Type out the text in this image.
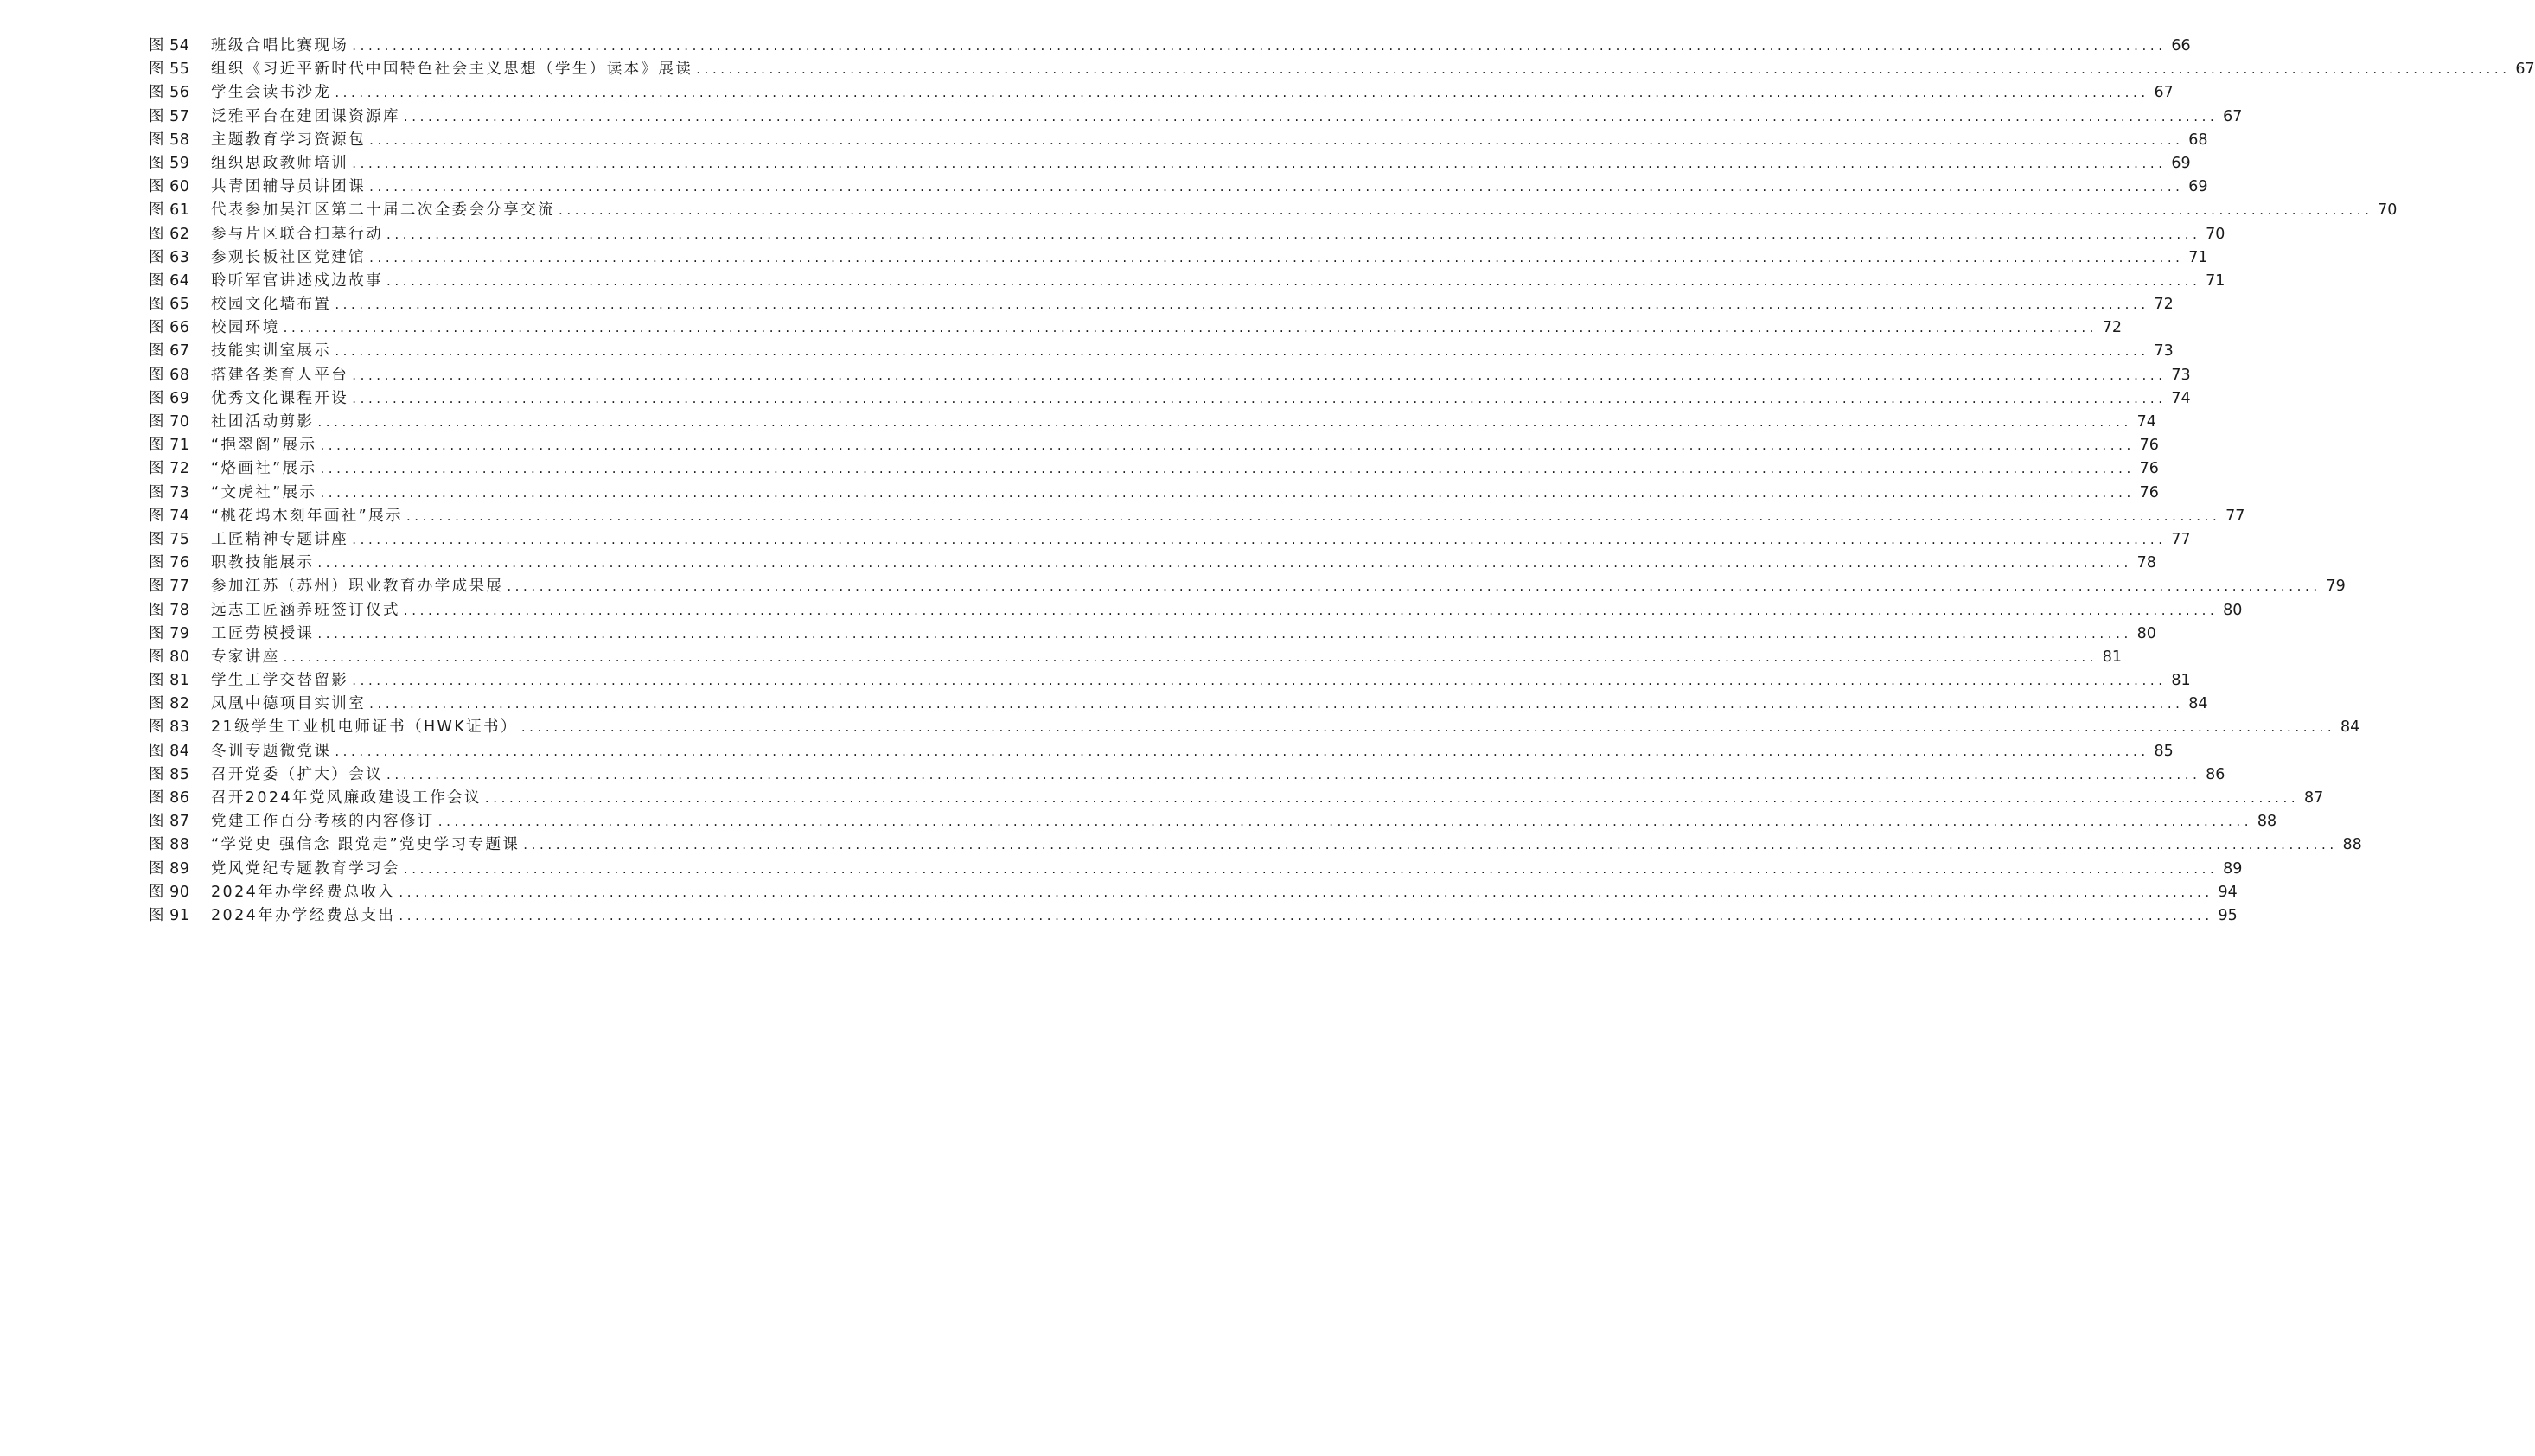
图 54	班级合唱比赛现场 .....	66
图 55	组织《习近平新时代中国特色社会主义思想（学生）读本》展读 .....	67
图 56	学生会读书沙龙 .....	67
图 57	泛雅平台在建团课资源库 .....	67
图 58	主题教育学习资源包 .....	68
图 59	组织思政教师培训 .....	69
图 60	共青团辅导员讲团课 .....	69
图 61	代表参加吴江区第二十届二次全委会分享交流 .....	70
图 62	参与片区联合扫墓行动 .....	70
图 63	参观长板社区党建馆 .....	71
图 64	聆听军官讲述戍边故事 .....	71
图 65	校园文化墙布置 .....	72
图 66	校园环境 .....	72
图 67	技能实训室展示 .....	73
图 68	搭建各类育人平台 .....	73
图 69	优秀文化课程开设 .....	74
图 70	社团活动剪影 .....	74
图 71	“挹翠阁”展示 .....	76
图 72	“烙画社”展示 .....	76
图 73	“文虎社”展示 .....	76
图 74	“桃花坞木刻年画社”展示 .....	77
图 75	工匠精神专题讲座 .....	77
图 76	职教技能展示 .....	78
图 77	参加江苏（苏州）职业教育办学成果展 .....	79
图 78	远志工匠涵养班签订仪式 .....	80
图 79	工匠劳模授课 .....	80
图 80	专家讲座 .....	81
图 81	学生工学交替留影 .....	81
图 82	凤凰中德项目实训室 .....	84
图 83	21级学生工业机电师证书（HWK证书） .....	84
图 84	冬训专题微党课 .....	85
图 85	召开党委（扩大）会议 .....	86
图 86	召开2024年党风廉政建设工作会议 .....	87
图 87	党建工作百分考核的内容修订 .....	88
图 88	“学党史 强信念 跟党走”党史学习专题课 .....	88
图 89	党风党纪专题教育学习会 .....	89
图 90	2024年办学经费总收入 .....	94
图 91	2024年办学经费总支出 .....	95
